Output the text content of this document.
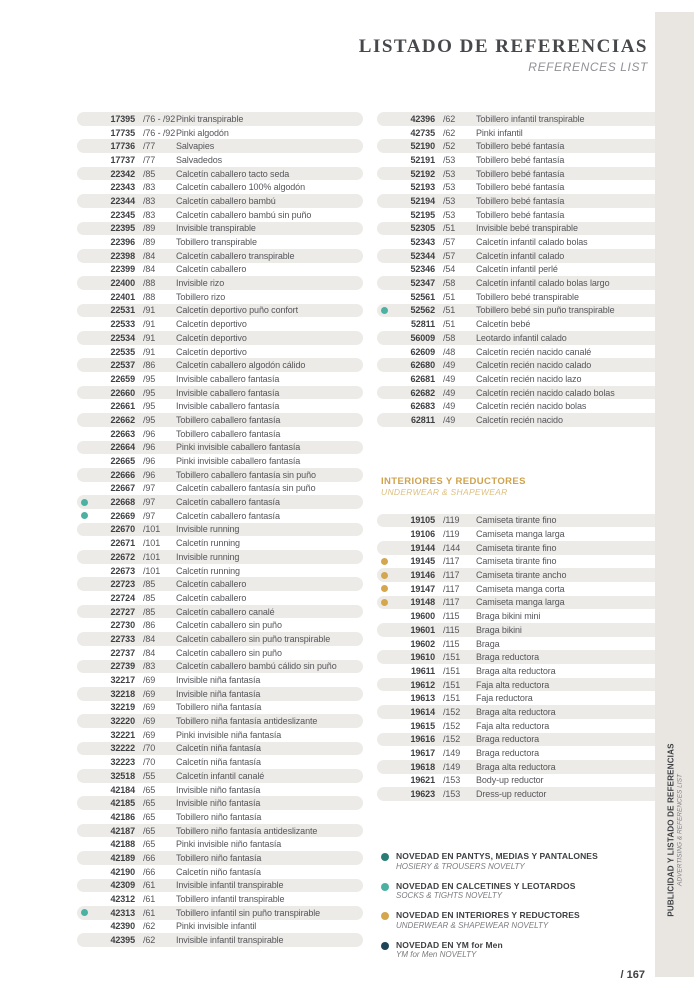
LISTADO DE REFERENCIAS
REFERENCES LIST
17395 /76 - /92 Pinki transpirable
17735 /76 - /92 Pinki algodón
17736 /77	Salvapies
17737 /77	Salvadedos
22342 /85	Calcetín caballero tacto seda
22343 /83	Calcetín caballero 100% algodón
22344 /83	Calcetín caballero bambú
22345 /83	Calcetín caballero bambú sin puño
22395 /89	Invisible transpirable
22396 /89	Tobillero transpirable
22398 /84	Calcetín caballero transpirable
22399 /84	Calcetín caballero
22400 /88	Invisible rizo
22401 /88	Tobillero rizo
22531 /91	Calcetín deportivo puño confort
22533 /91	Calcetín deportivo
22534 /91	Calcetín deportivo
22535 /91	Calcetín deportivo
22537 /86	Calcetín caballero algodón cálido
22659 /95	Invisible caballero fantasía
22660 /95	Invisible caballero fantasía
22661 /95	Invisible caballero fantasía
22662 /95	Tobillero caballero fantasía
22663 /96	Tobillero caballero fantasía
22664 /96	Pinki invisible caballero fantasía
22665 /96	Pinki invisible caballero fantasía
22666 /96	Tobillero caballero fantasía sin puño
22667 /97	Calcetín caballero fantasía sin puño
22668 /97	Calcetín caballero fantasía
22669 /97	Calcetín caballero fantasía
22670 /101	Invisible running
22671 /101	Calcetín running
22672 /101	Invisible running
22673 /101	Calcetín running
22723 /85	Calcetín caballero
22724 /85	Calcetín caballero
22727 /85	Calcetín caballero canalé
22730 /86	Calcetín caballero sin puño
22733 /84	Calcetín caballero sin puño transpirable
22737 /84	Calcetín caballero sin puño
22739 /83	Calcetín caballero bambú cálido sin puño
32217 /69	Invisible niña fantasía
32218 /69	Invisible niña fantasía
32219 /69	Tobillero niña fantasía
32220 /69	Tobillero niña fantasía antideslizante
32221 /69	Pinki invisible niña fantasía
32222 /70	Calcetín niña fantasía
32223 /70	Calcetín niña fantasía
32518 /55	Calcetín infantil canalé
42184 /65	Invisible niño fantasía
42185 /65	Invisible niño fantasía
42186 /65	Tobillero niño fantasía
42187 /65	Tobillero niño fantasía antideslizante
42188 /65	Pinki invisible niño fantasía
42189 /66	Tobillero niño fantasía
42190 /66	Calcetín niño fantasía
42309 /61	Invisible infantil transpirable
42312 /61	Tobillero infantil transpirable
42313 /61	Tobillero infantil sin puño transpirable
42390 /62	Pinki invisible infantil
42395 /62	Invisible infantil transpirable
42396 /62	Tobillero infantil transpirable
42735 /62	Pinki infantil
52190 /52	Tobillero bebé fantasía
52191 /53	Tobillero bebé fantasía
52192 /53	Tobillero bebé fantasía
52193 /53	Tobillero bebé fantasía
52194 /53	Tobillero bebé fantasía
52195 /53	Tobillero bebé fantasía
52305 /51	Invisible bebé transpirable
52343 /57	Calcetín infantil calado bolas
52344 /57	Calcetín infantil calado
52346 /54	Calcetín infantil perlé
52347 /58	Calcetín infantil calado bolas largo
52561 /51	Tobillero bebé transpirable
52562 /51	Tobillero bebé sin puño transpirable
52811 /51	Calcetín bebé
56009 /58	Leotardo infantil calado
62609 /48	Calcetín recién nacido canalé
62680 /49	Calcetín recién nacido calado
62681 /49	Calcetín recién nacido lazo
62682 /49	Calcetín recién nacido calado bolas
62683 /49	Calcetín recién nacido bolas
62811 /49	Calcetín recién nacido
INTERIORES Y REDUCTORES
UNDERWEAR & SHAPEWEAR
19105 /119	Camiseta tirante fino
19106 /119	Camiseta manga larga
19144 /144	Camiseta tirante fino
19145 /117	Camiseta tirante fino
19146 /117	Camiseta tirante ancho
19147 /117	Camiseta manga corta
19148 /117	Camiseta manga larga
19600 /115	Braga bikini mini
19601 /115	Braga bikini
19602 /115	Braga
19610 /151	Braga reductora
19611 /151	Braga alta reductora
19612 /151	Faja alta reductora
19613 /151	Faja reductora
19614 /152	Braga alta reductora
19615 /152	Faja alta reductora
19616 /152	Braga reductora
19617 /149	Braga reductora
19618 /149	Braga alta reductora
19621 /153	Body-up reductor
19623 /153	Dress-up reductor
NOVEDAD EN PANTYS, MEDIAS Y PANTALONES
HOSIERY & TROUSERS NOVELTY
NOVEDAD EN CALCETINES Y LEOTARDOS
SOCKS & TIGHTS NOVELTY
NOVEDAD EN INTERIORES Y REDUCTORES
UNDERWEAR & SHAPEWEAR NOVELTY
NOVEDAD EN YM for Men
YM for Men NOVELTY
/ 167
PUBLICIDAD Y LISTADO DE REFERENCIAS ADVERTISING & REFERENCES LIST
